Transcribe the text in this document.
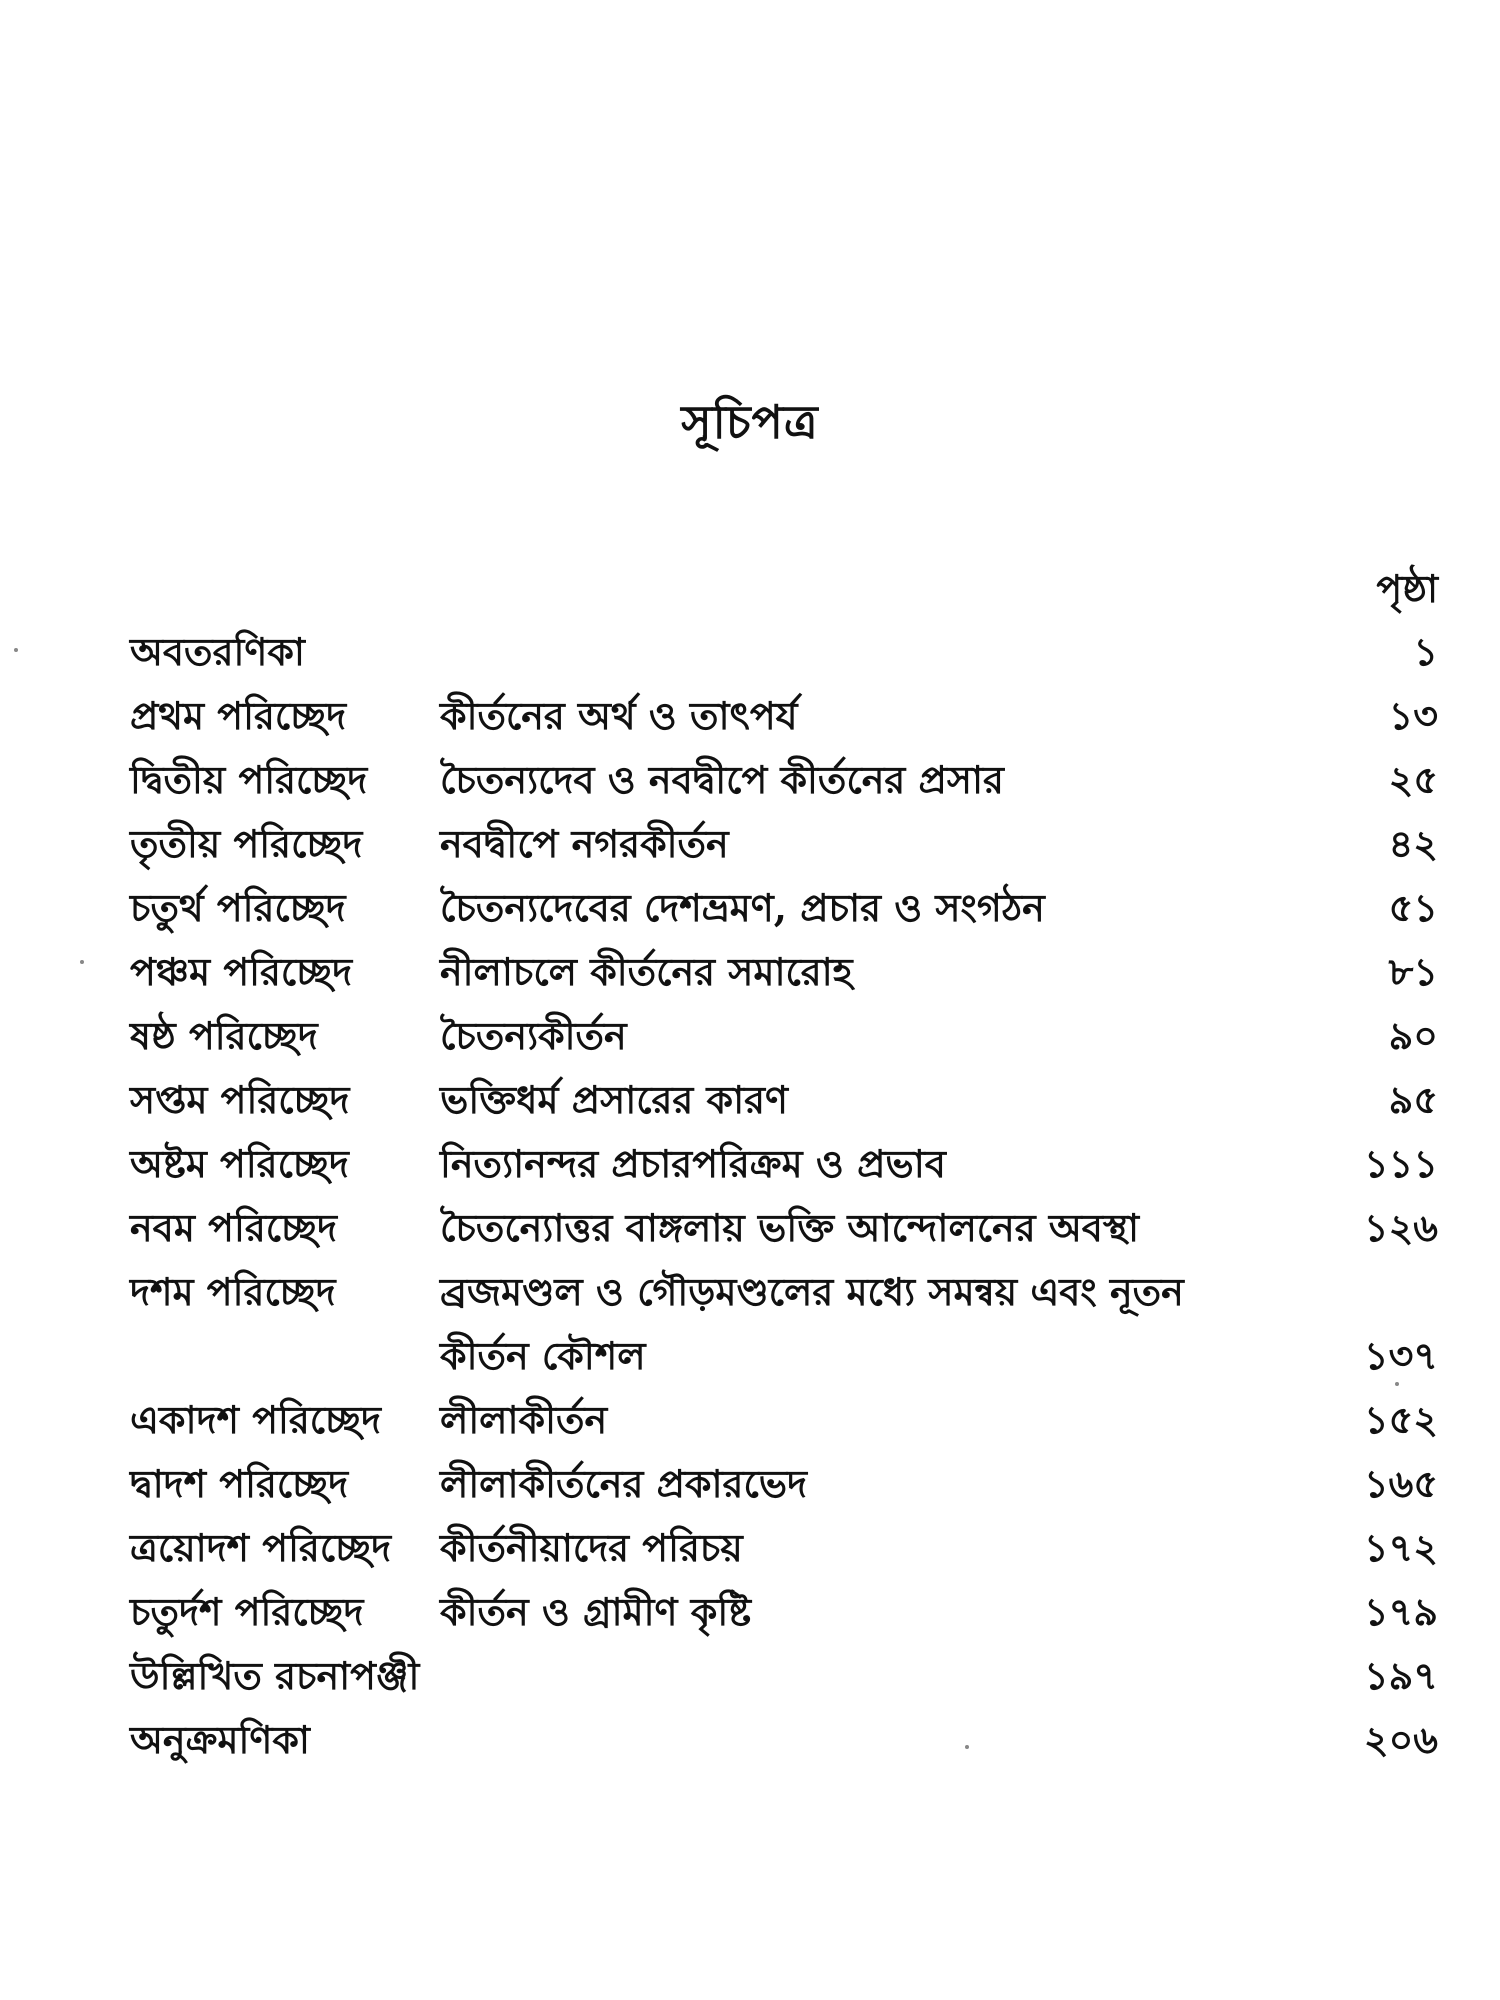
সূচিপত্র
পৃষ্ঠা
অবতরণিকা	১
প্রথম পরিচ্ছেদ কীর্তনের অর্থ ও তাৎপর্য	১৩
দ্বিতীয় পরিচ্ছেদ চৈতন্যদেব ও নবদ্বীপে কীর্তনের প্রসার	২৫
তৃতীয় পরিচ্ছেদ নবদ্বীপে নগরকীর্তন	৪২
চতুর্থ পরিচ্ছেদ চৈতন্যদেবের দেশভ্রমণ, প্রচার ও সংগঠন	৫১
পঞ্চম পরিচ্ছেদ নীলাচলে কীর্তনের সমারোহ	৮১
ষষ্ঠ পরিচ্ছেদ	চৈতন্যকীর্তন	৯০
সপ্তম পরিচ্ছেদ ভক্তিধর্ম প্রসারের কারণ	৯৫
অষ্টম পরিচ্ছেদ নিত্যানন্দর প্রচারপরিক্রম ও প্রভাব	১১১
নবম পরিচ্ছেদ	চৈতন্যোত্তর বাঙ্গলায় ভক্তি আন্দোলনের অবস্থা	১২৬
দশম পরিচ্ছেদ	ব্রজমণ্ডল ও গৌড়মণ্ডলের মধ্যে সমন্বয় এবং নূতন
কীর্তন কৌশল	১৩৭
একাদশ পরিচ্ছেদ লীলাকীর্তন	১৫২
দ্বাদশ পরিচ্ছেদ লীলাকীর্তনের প্রকারভেদ	১৬৫
ত্রয়োদশ পরিচ্ছেদ কীর্তনীয়াদের পরিচয়	১৭২
চতুর্দশ পরিচ্ছেদ কীর্তন ও গ্রামীণ কৃষ্টি	১৭৯
উল্লিখিত রচনাপঞ্জী	১৯৭
অনুক্রমণিকা	২০৬
